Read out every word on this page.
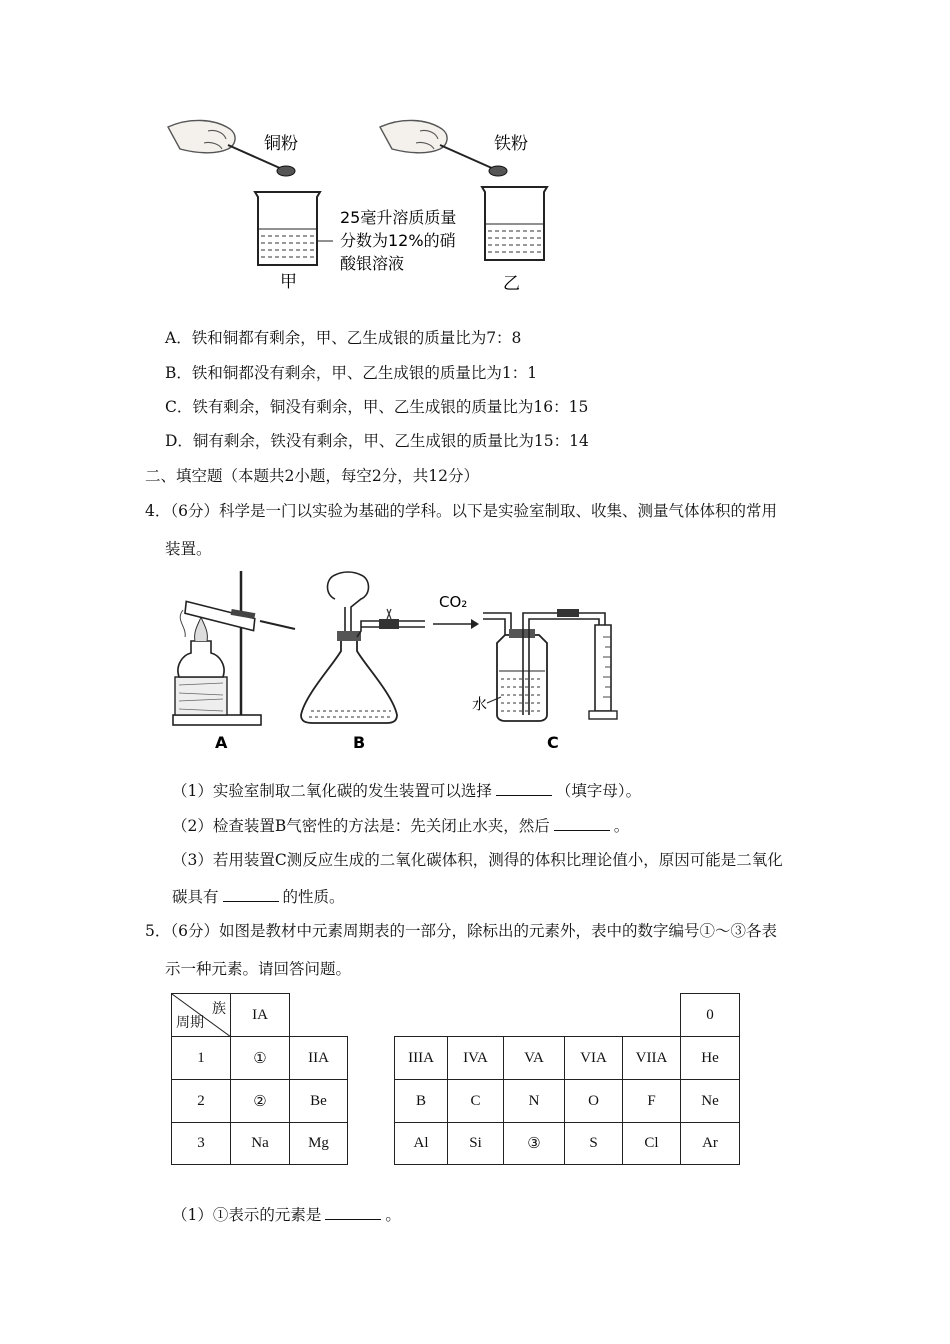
铜粉	铁粉
甲
25毫升溶质质量
分数为12%的硝
酸银溶液
乙
A．铁和铜都有剩余，甲、乙生成银的质量比为7：8
B．铁和铜都没有剩余，甲、乙生成银的质量比为1：1
C．铁有剩余，铜没有剩余，甲、乙生成银的质量比为16：15
D．铜有剩余，铁没有剩余，甲、乙生成银的质量比为15：14
二、填空题（本题共2小题，每空2分，共12分）
4．（6分）科学是一门以实验为基础的学科。以下是实验室制取、收集、测量气体体积的常用
装置。
A	B
CO₂
水
C
（1）实验室制取二氧化碳的发生装置可以选择	（填字母）。
（2）检查装置B气密性的方法是：先关闭止水夹，然后	。
（3）若用装置C测反应生成的二氧化碳体积，测得的体积比理论值小，原因可能是二氧化
碳具有	的性质。
5．（6分）如图是教材中元素周期表的一部分，除标出的元素外，表中的数字编号①～③各表
示一种元素。请回答问题。
族
周期	IA								0
1	①	IIA		IIIA	IVA	VA	VIA	VIIA	He
2	②	Be		B	C	N	O	F	Ne
3	Na	Mg		Al	Si	③	S	Cl	Ar
（1）①表示的元素是	。
